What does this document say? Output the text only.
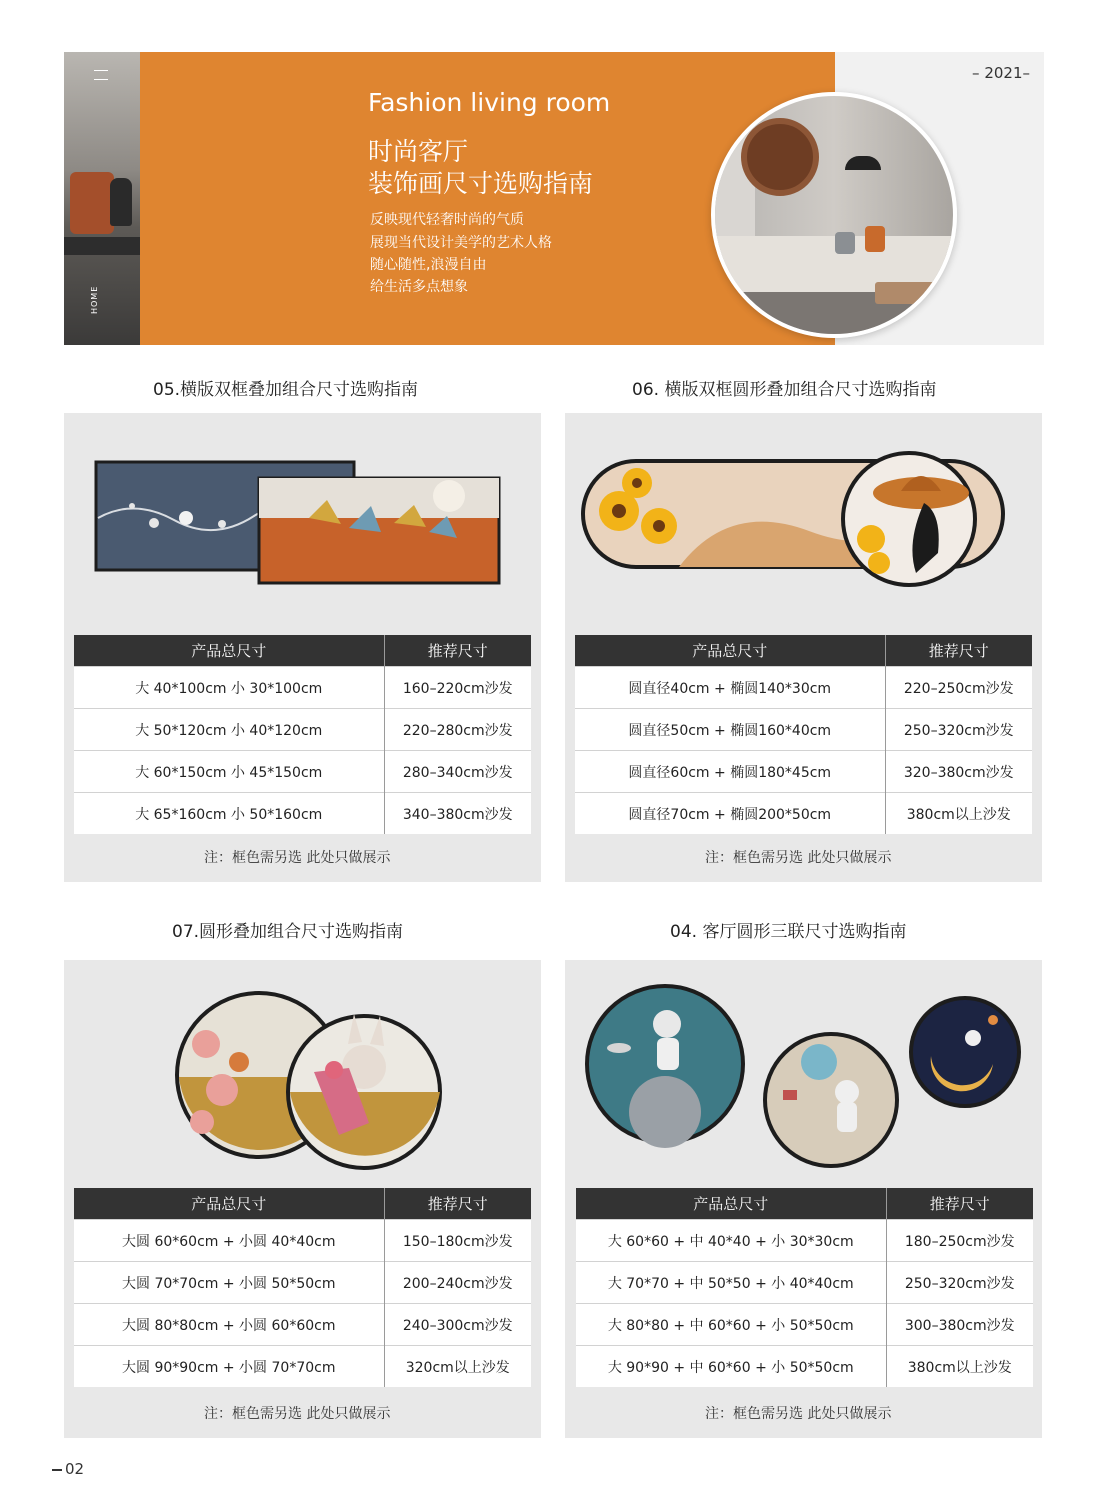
HOME
Fashion living room
时尚客厅
装饰画尺寸选购指南
反映现代轻奢时尚的气质
展现当代设计美学的艺术人格
随心随性,浪漫自由
给生活多点想象
– 2021–
05.横版双框叠加组合尺寸选购指南	06. 横版双框圆形叠加组合尺寸选购指南
07.圆形叠加组合尺寸选购指南	04. 客厅圆形三联尺寸选购指南
产品总尺寸	推荐尺寸
大 40*100cm 小 30*100cm	160–220cm沙发
大 50*120cm 小 40*120cm	220–280cm沙发
大 60*150cm 小 45*150cm	280–340cm沙发
大 65*160cm 小 50*160cm	340–380cm沙发
注：框色需另选 此处只做展示
产品总尺寸	推荐尺寸
圆直径40cm + 椭圆140*30cm	220–250cm沙发
圆直径50cm + 椭圆160*40cm	250–320cm沙发
圆直径60cm + 椭圆180*45cm	320–380cm沙发
圆直径70cm + 椭圆200*50cm	380cm以上沙发
注：框色需另选 此处只做展示
产品总尺寸	推荐尺寸
大圆 60*60cm + 小圆 40*40cm	150–180cm沙发
大圆 70*70cm + 小圆 50*50cm	200–240cm沙发
大圆 80*80cm + 小圆 60*60cm	240–300cm沙发
大圆 90*90cm + 小圆 70*70cm	320cm以上沙发
注：框色需另选 此处只做展示
产品总尺寸	推荐尺寸
大 60*60 + 中 40*40 + 小 30*30cm	180–250cm沙发
大 70*70 + 中 50*50 + 小 40*40cm	250–320cm沙发
大 80*80 + 中 60*60 + 小 50*50cm	300–380cm沙发
大 90*90 + 中 60*60 + 小 50*50cm	380cm以上沙发
注：框色需另选 此处只做展示
02
